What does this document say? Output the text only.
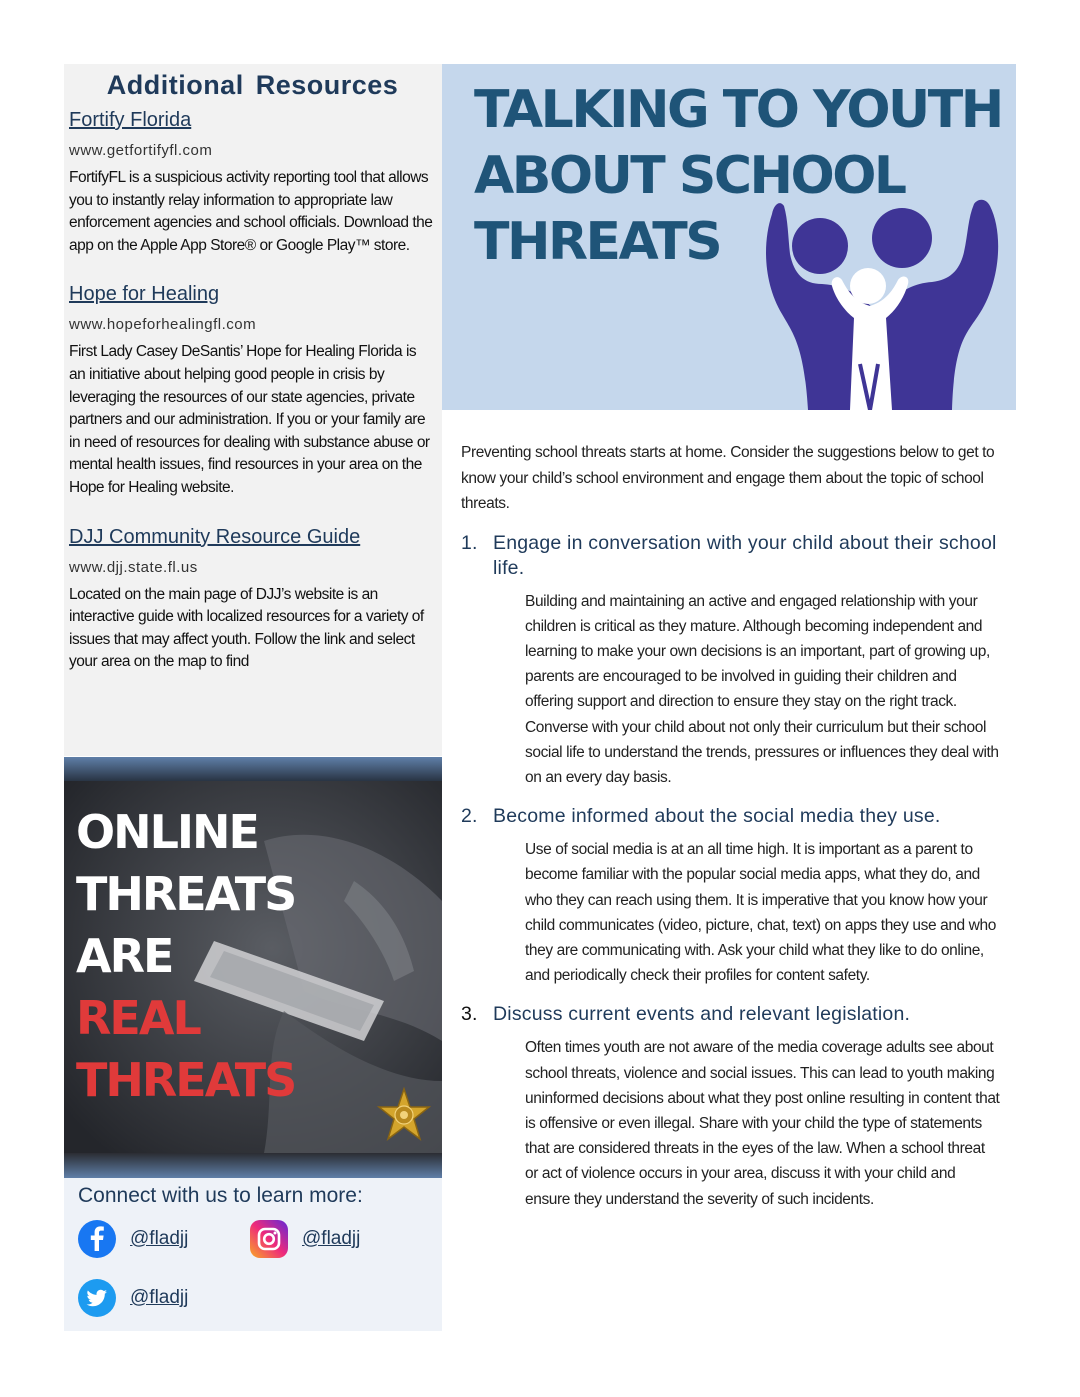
Additional Resources
Fortify Florida
www.getfortifyfl.com

FortifyFL is a suspicious activity reporting tool that allows you to instantly relay information to appropriate law enforcement agencies and school officials. Download the app on the Apple App Store® or Google Play™ store.

Hope for Healing
www.hopeforhealingfl.com

First Lady Casey DeSantis’ Hope for Healing Florida is an initiative about helping good people in crisis by leveraging the resources of our state agencies, private partners and our administration. If you or your family are in need of resources for dealing with substance abuse or mental health issues, find resources in your area on the Hope for Healing website.

DJJ Community Resource Guide
www.djj.state.fl.us

Located on the main page of DJJ’s website is an interactive guide with localized resources for a variety of issues that may affect youth. Follow the link and select your area on the map to find

ONLINE
THREATS
ARE
REAL
THREATS
Connect with us to learn more:
@fladjj	@fladjj
@fladjj
TALKING TO YOUTH
ABOUT SCHOOL
THREATS

Preventing school threats starts at home. Consider the suggestions below to get to know your child’s school environment and engage them about the topic of school threats.

1. Engage in conversation with your child about their school life.

Building and maintaining an active and engaged relationship with your children is critical as they mature. Although becoming independent and learning to make your own decisions is an important, part of growing up, parents are encouraged to be involved in guiding their children and offering support and direction to ensure they stay on the right track. Converse with your child about not only their curriculum but their school social life to understand the trends, pressures or influences they deal with on an every day basis.

2. Become informed about the social media they use.

Use of social media is at an all time high. It is important as a parent to become familiar with the popular social media apps, what they do, and who they can reach using them. It is imperative that you know how your child communicates (video, picture, chat, text) on apps they use and who they are communicating with. Ask your child what they like to do online, and periodically check their profiles for content safety.

3. Discuss current events and relevant legislation.

Often times youth are not aware of the media coverage adults see about school threats, violence and social issues. This can lead to youth making uninformed decisions about what they post online resulting in content that is offensive or even illegal. Share with your child the type of statements that are considered threats in the eyes of the law. When a school threat or act of violence occurs in your area, discuss it with your child and ensure they understand the severity of such incidents.
